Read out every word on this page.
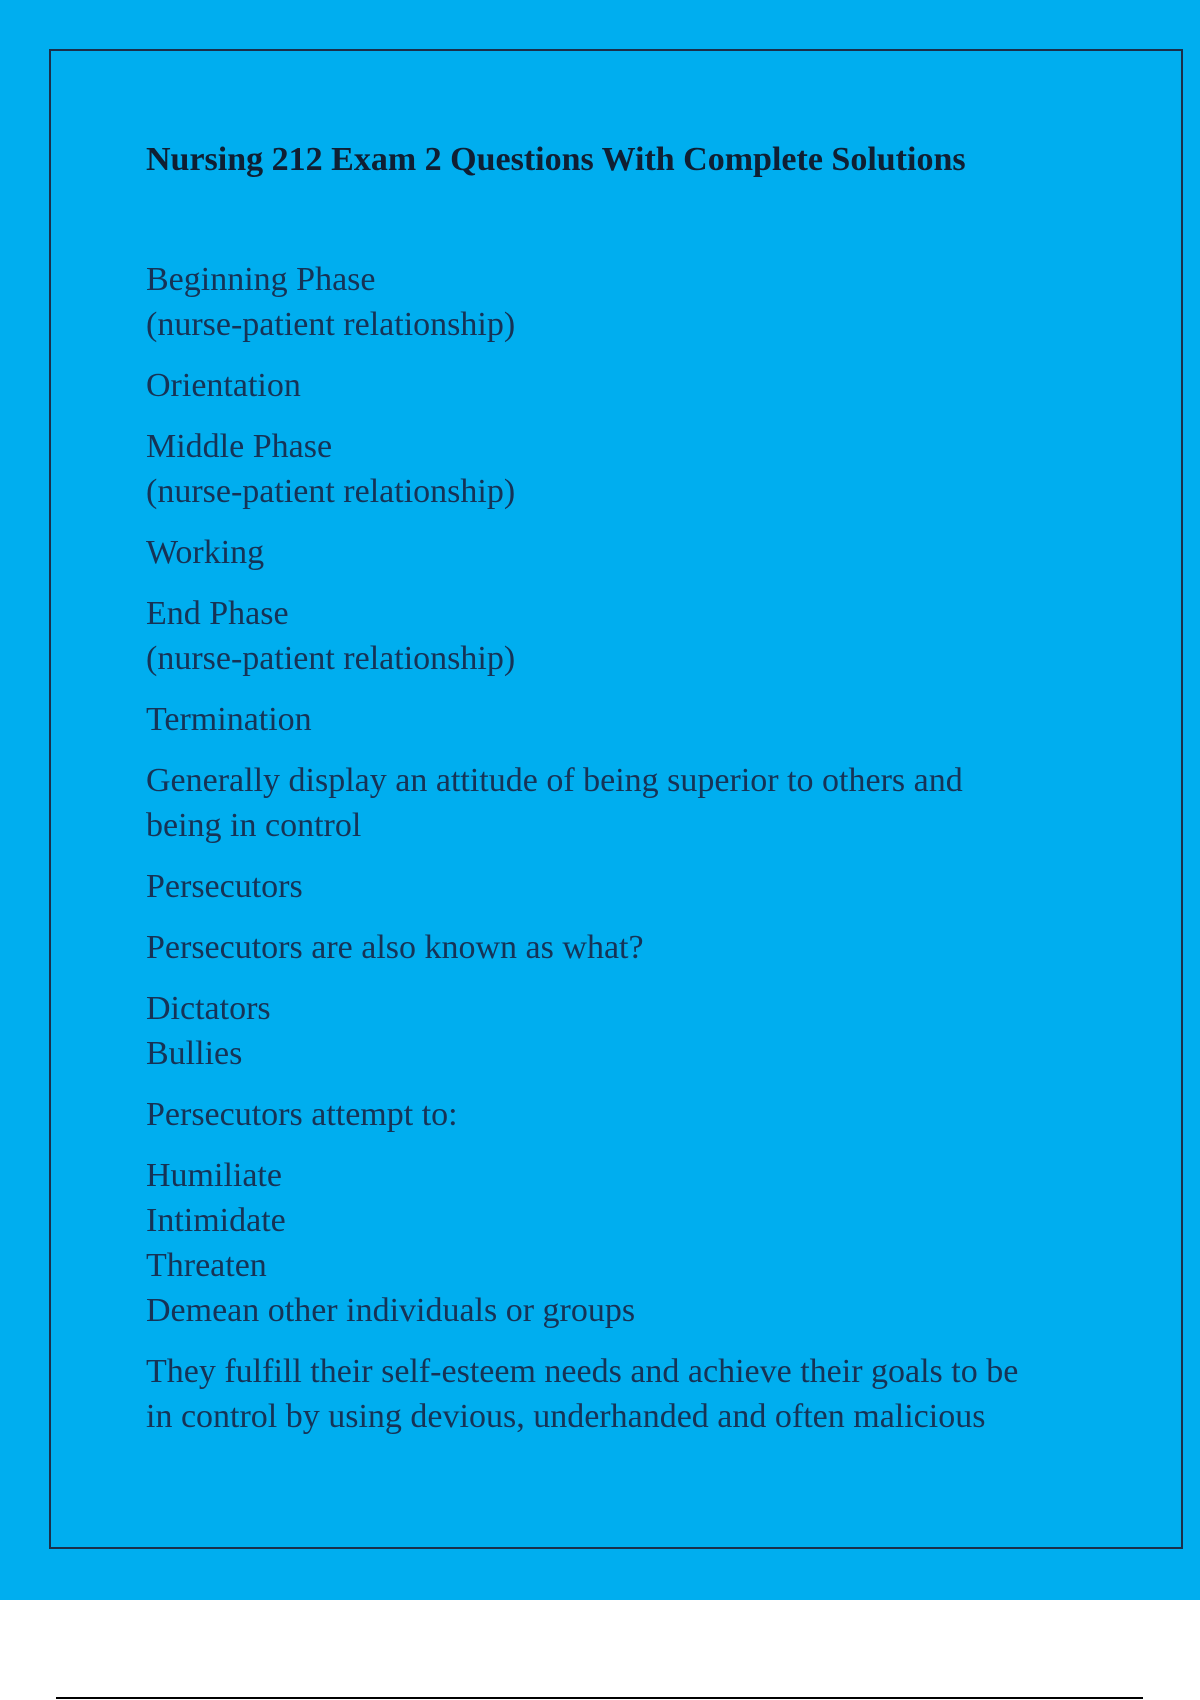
Nursing 212 Exam 2 Questions With Complete Solutions
Beginning Phase
(nurse-patient relationship)
Orientation
Middle Phase
(nurse-patient relationship)
Working
End Phase
(nurse-patient relationship)
Termination
Generally display an attitude of being superior to others and
being in control
Persecutors
Persecutors are also known as what?
Dictators
Bullies
Persecutors attempt to:
Humiliate
Intimidate
Threaten
Demean other individuals or groups
They fulfill their self-esteem needs and achieve their goals to be
in control by using devious, underhanded and often malicious
